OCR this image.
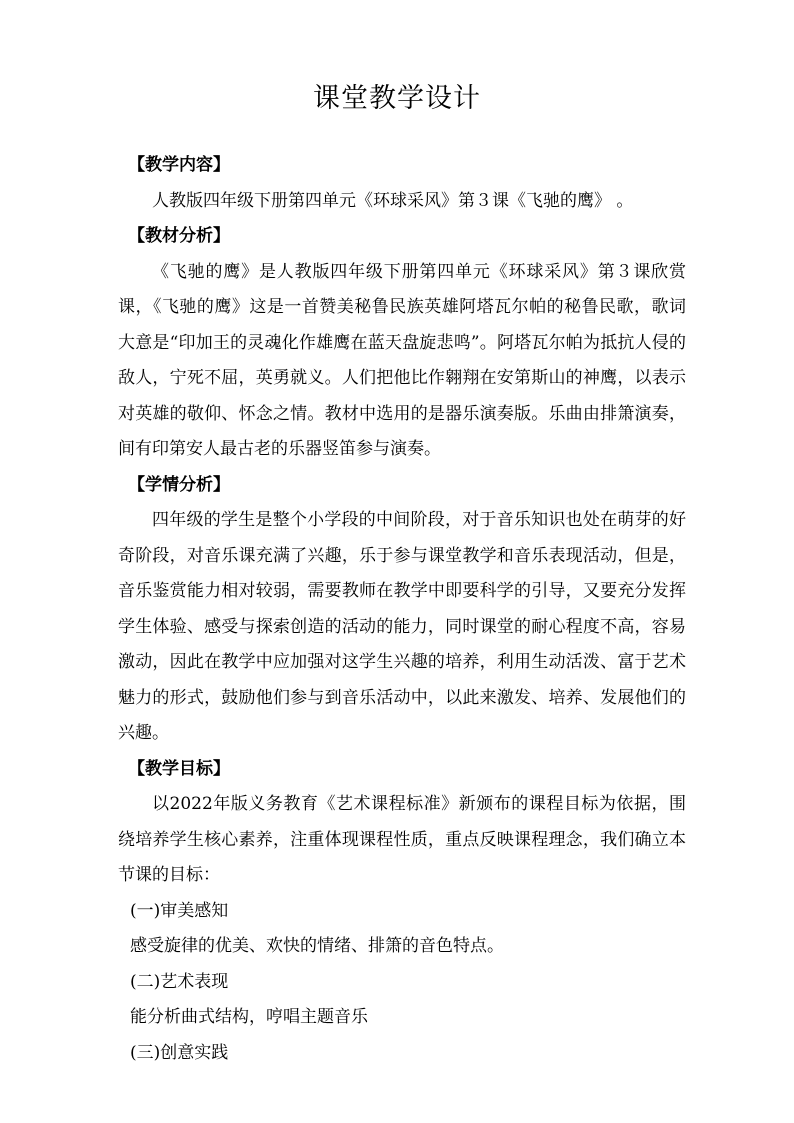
课堂教学设计
【教学内容】
人教版四年级下册第四单元《环球采风》第３课《飞驰的鹰》 。
【教材分析】
《飞驰的鹰》是人教版四年级下册第四单元《环球采风》第３课欣赏课，《飞驰的鹰》这是一首赞美秘鲁民族英雄阿塔瓦尔帕的秘鲁民歌，歌词大意是“印加王的灵魂化作雄鹰在蓝天盘旋悲鸣”。阿塔瓦尔帕为抵抗人侵的敌人，宁死不屈，英勇就义。人们把他比作翱翔在安第斯山的神鹰，以表示对英雄的敬仰、怀念之情。教材中选用的是器乐演奏版。乐曲由排箫演奏，间有印第安人最古老的乐器竖笛参与演奏。
【学情分析】
四年级的学生是整个小学段的中间阶段，对于音乐知识也处在萌芽的好奇阶段，对音乐课充满了兴趣，乐于参与课堂教学和音乐表现活动，但是，音乐鉴赏能力相对较弱，需要教师在教学中即要科学的引导，又要充分发挥学生体验、感受与探索创造的活动的能力，同时课堂的耐心程度不高，容易激动，因此在教学中应加强对这学生兴趣的培养，利用生动活泼、富于艺术魅力的形式，鼓励他们参与到音乐活动中，以此来激发、培养、发展他们的兴趣。
【教学目标】
以2022年版义务教育《艺术课程标准》新颁布的课程目标为依据，围绕培养学生核心素养，注重体现课程性质，重点反映课程理念，我们确立本节课的目标：
(一)审美感知
感受旋律的优美、欢快的情绪、排箫的音色特点。
(二)艺术表现
能分析曲式结构，哼唱主题音乐
(三)创意实践
